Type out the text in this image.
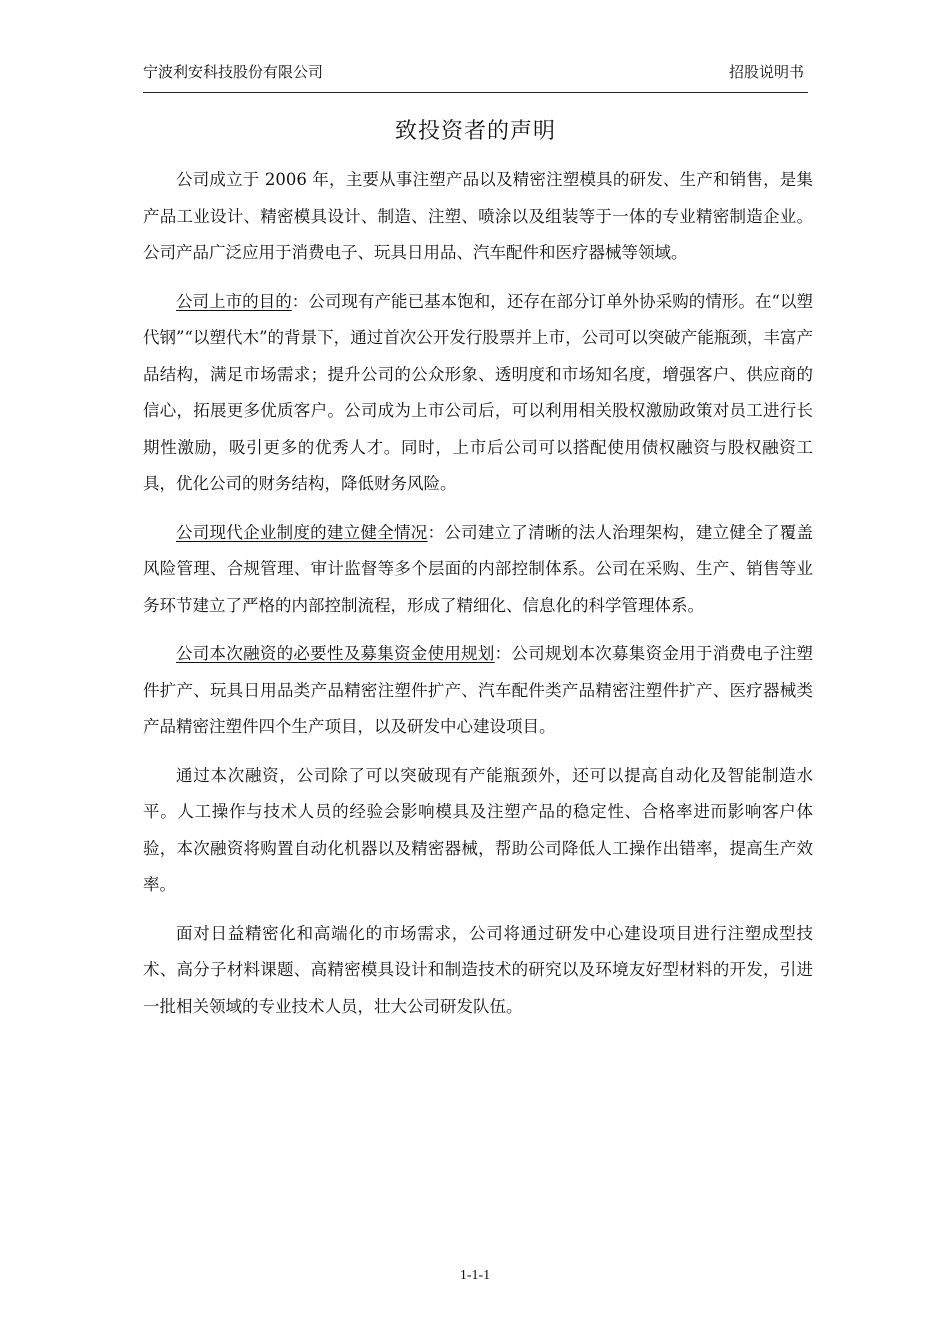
宁波利安科技股份有限公司	招股说明书
致投资者的声明

公司成立于 2006 年，主要从事注塑产品以及精密注塑模具的研发、生产和销售，是集产品工业设计、精密模具设计、制造、注塑、喷涂以及组装等于一体的专业精密制造企业。公司产品广泛应用于消费电子、玩具日用品、汽车配件和医疗器械等领域。

公司上市的目的：公司现有产能已基本饱和，还存在部分订单外协采购的情形。在“以塑代钢”“以塑代木”的背景下，通过首次公开发行股票并上市，公司可以突破产能瓶颈，丰富产品结构，满足市场需求；提升公司的公众形象、透明度和市场知名度，增强客户、供应商的信心，拓展更多优质客户。公司成为上市公司后，可以利用相关股权激励政策对员工进行长期性激励，吸引更多的优秀人才。同时，上市后公司可以搭配使用债权融资与股权融资工具，优化公司的财务结构，降低财务风险。

公司现代企业制度的建立健全情况：公司建立了清晰的法人治理架构，建立健全了覆盖风险管理、合规管理、审计监督等多个层面的内部控制体系。公司在采购、生产、销售等业务环节建立了严格的内部控制流程，形成了精细化、信息化的科学管理体系。

公司本次融资的必要性及募集资金使用规划：公司规划本次募集资金用于消费电子注塑件扩产、玩具日用品类产品精密注塑件扩产、汽车配件类产品精密注塑件扩产、医疗器械类产品精密注塑件四个生产项目，以及研发中心建设项目。

通过本次融资，公司除了可以突破现有产能瓶颈外，还可以提高自动化及智能制造水平。人工操作与技术人员的经验会影响模具及注塑产品的稳定性、合格率进而影响客户体验，本次融资将购置自动化机器以及精密器械，帮助公司降低人工操作出错率，提高生产效率。

面对日益精密化和高端化的市场需求，公司将通过研发中心建设项目进行注塑成型技术、高分子材料课题、高精密模具设计和制造技术的研究以及环境友好型材料的开发，引进一批相关领域的专业技术人员，壮大公司研发队伍。

1-1-1
